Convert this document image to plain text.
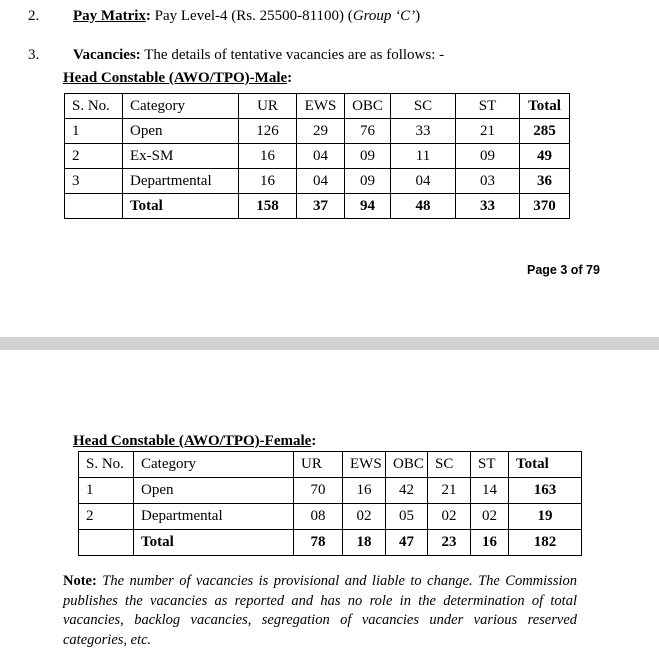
2. Pay Matrix: Pay Level-4 (Rs. 25500-81100) (Group ‘C’)
3. Vacancies: The details of tentative vacancies are as follows: -
Head Constable (AWO/TPO)-Male:
S. No.	Category	UR	EWS	OBC	SC	ST	Total
1	Open	126	29	76	33	21	285
2	Ex-SM	16	04	09	11	09	49
3	Departmental	16	04	09	04	03	36
	Total	158	37	94	48	33	370
Page 3 of 79
Head Constable (AWO/TPO)-Female:
S. No.	Category	UR	EWS	OBC	SC	ST	Total
1	Open	70	16	42	21	14	163
2	Departmental	08	02	05	02	02	19
	Total	78	18	47	23	16	182
Note: The number of vacancies is provisional and liable to change. The Commission publishes the vacancies as reported and has no role in the determination of total vacancies, backlog vacancies, segregation of vacancies under various reserved categories, etc.
